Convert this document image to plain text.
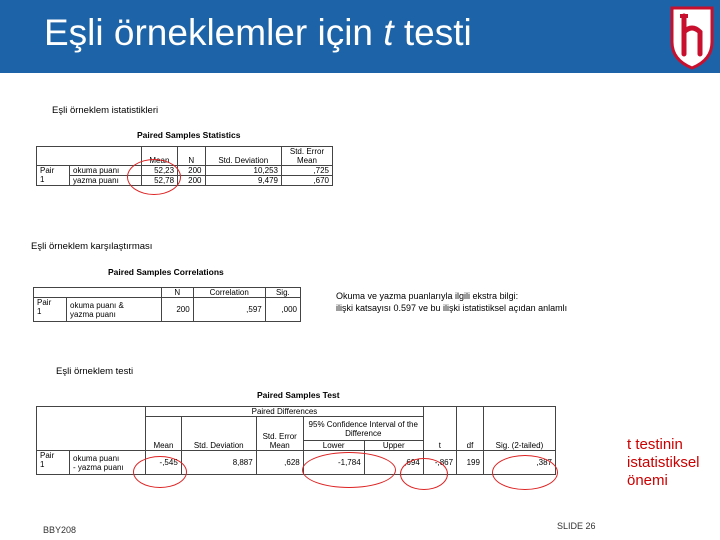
Eşli örneklemler için t testi
Eşli örneklem istatistikleri
Paired Samples Statistics
		Mean	N	Std. Deviation	Std. Error Mean
Pair
1	okuma puanı	52,23	200	10,253	,725
	yazma puanı	52,78	200	9,479	,670
Eşli örneklem karşılaştırması
Paired Samples Correlations
		N	Correlation	Sig.
Pair
1	okuma puanı &
yazma puanı	200	,597	,000
Okuma ve yazma puanlarıyla ilgili ekstra bilgi:
ilişki katsayısı 0.597 ve bu ilişki istatistiksel açıdan anlamlı
Eşli örneklem testi
Paired Samples Test
		Paired Differences					t	df	Sig. (2-tailed)
		Mean	Std. Deviation	Std. Error Mean	95% Confidence Interval of the Difference				
					Lower	Upper			
Pair
1	okuma puanı
- yazma puanı	-,545	8,887	,628	-1,784	,694	-,867	199	,387
t testinin
istatistiksel
önemi
BBY208	SLIDE 26
